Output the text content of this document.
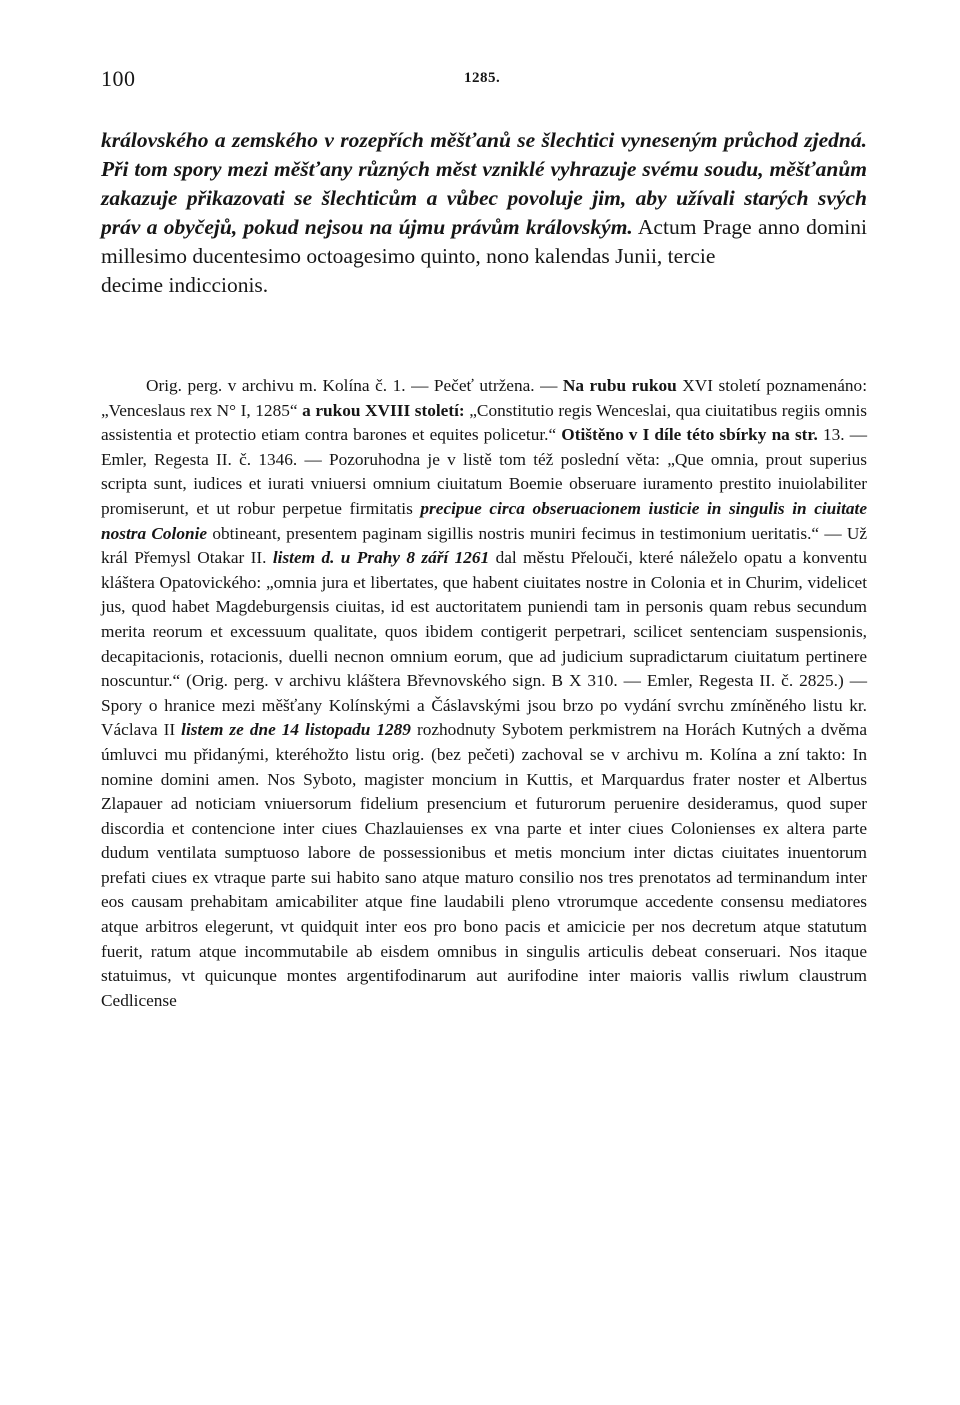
100	1285.

královského a zemského v rozepřích měšťanů se šlechtici vyneseným průchod zjedná. Při tom spory mezi měšťany různých měst vzniklé vyhrazuje svému soudu, měšťanům zakazuje přikazovati se šlechticům a vůbec povoluje jim, aby užívali starých svých práv a obyčejů, pokud nejsou na újmu právům královským. Actum Prage anno domini millesimo ducentesimo octoagesimo quinto, nono kalendas Junii, tercie
decime indiccionis.

Orig. perg. v archivu m. Kolína č. 1. — Pečeť utržena. — Na rubu rukou XVI století poznamenáno: „Venceslaus rex N° I, 1285“ a rukou XVIII století: „Constitutio regis Wenceslai, qua ciuitatibus regiis omnis assistentia et protectio etiam contra barones et equites policetur.“ Otištěno v I díle této sbírky na str. 13. — Emler, Regesta II. č. 1346. — Pozoruhodna je v listě tom též poslední věta: „Que omnia, prout superius scripta sunt, iudices et iurati vniuersi omnium ciuitatum Boemie obseruare iuramento prestito inuiolabiliter promiserunt, et ut robur perpetue firmitatis precipue circa obseruacionem iusticie in singulis in ciuitate nostra Colonie obtineant, presentem paginam sigillis nostris muniri fecimus in testimonium ueritatis.“ — Už král Přemysl Otakar II. listem d. u Prahy 8 září 1261 dal městu Přelouči, které náleželo opatu a konventu kláštera Opatovického: „omnia jura et libertates, que habent ciuitates nostre in Colonia et in Churim, videlicet jus, quod habet Magdeburgensis ciuitas, id est auctoritatem puniendi tam in personis quam rebus secundum merita reorum et excessuum qualitate, quos ibidem contigerit perpetrari, scilicet sentenciam suspensionis, decapitacionis, rotacionis, duelli necnon omnium eorum, que ad judicium supradictarum ciuitatum pertinere noscuntur.“ (Orig. perg. v archivu kláštera Břevnovského sign. B X 310. — Emler, Regesta II. č. 2825.) — Spory o hranice mezi měšťany Kolínskými a Čáslavskými jsou brzo po vydání svrchu zmíněného listu kr. Václava II listem ze dne 14 listopadu 1289 rozhodnuty Sybotem perkmistrem na Horách Kutných a dvěma úmluvci mu přidanými, kteréhožto listu orig. (bez pečeti) zachoval se v archivu m. Kolína a zní takto: In nomine domini amen. Nos Syboto, magister moncium in Kuttis, et Marquardus frater noster et Albertus Zlapauer ad noticiam vniuersorum fidelium presencium et futurorum peruenire desideramus, quod super discordia et contencione inter ciues Chazlauienses ex vna parte et inter ciues Colonienses ex altera parte dudum ventilata sumptuoso labore de possessionibus et metis moncium inter dictas ciuitates inuentorum prefati ciues ex vtraque parte sui habito sano atque maturo consilio nos tres prenotatos ad terminandum inter eos causam prehabitam amicabiliter atque fine laudabili pleno vtrorumque accedente consensu mediatores atque arbitros elegerunt, vt quidquit inter eos pro bono pacis et amicicie per nos decretum atque statutum fuerit, ratum atque incommutabile ab eisdem omnibus in singulis articulis debeat conseruari. Nos itaque statuimus, vt quicunque montes argentifodinarum aut aurifodine inter maioris vallis riwlum claustrum Cedlicense
